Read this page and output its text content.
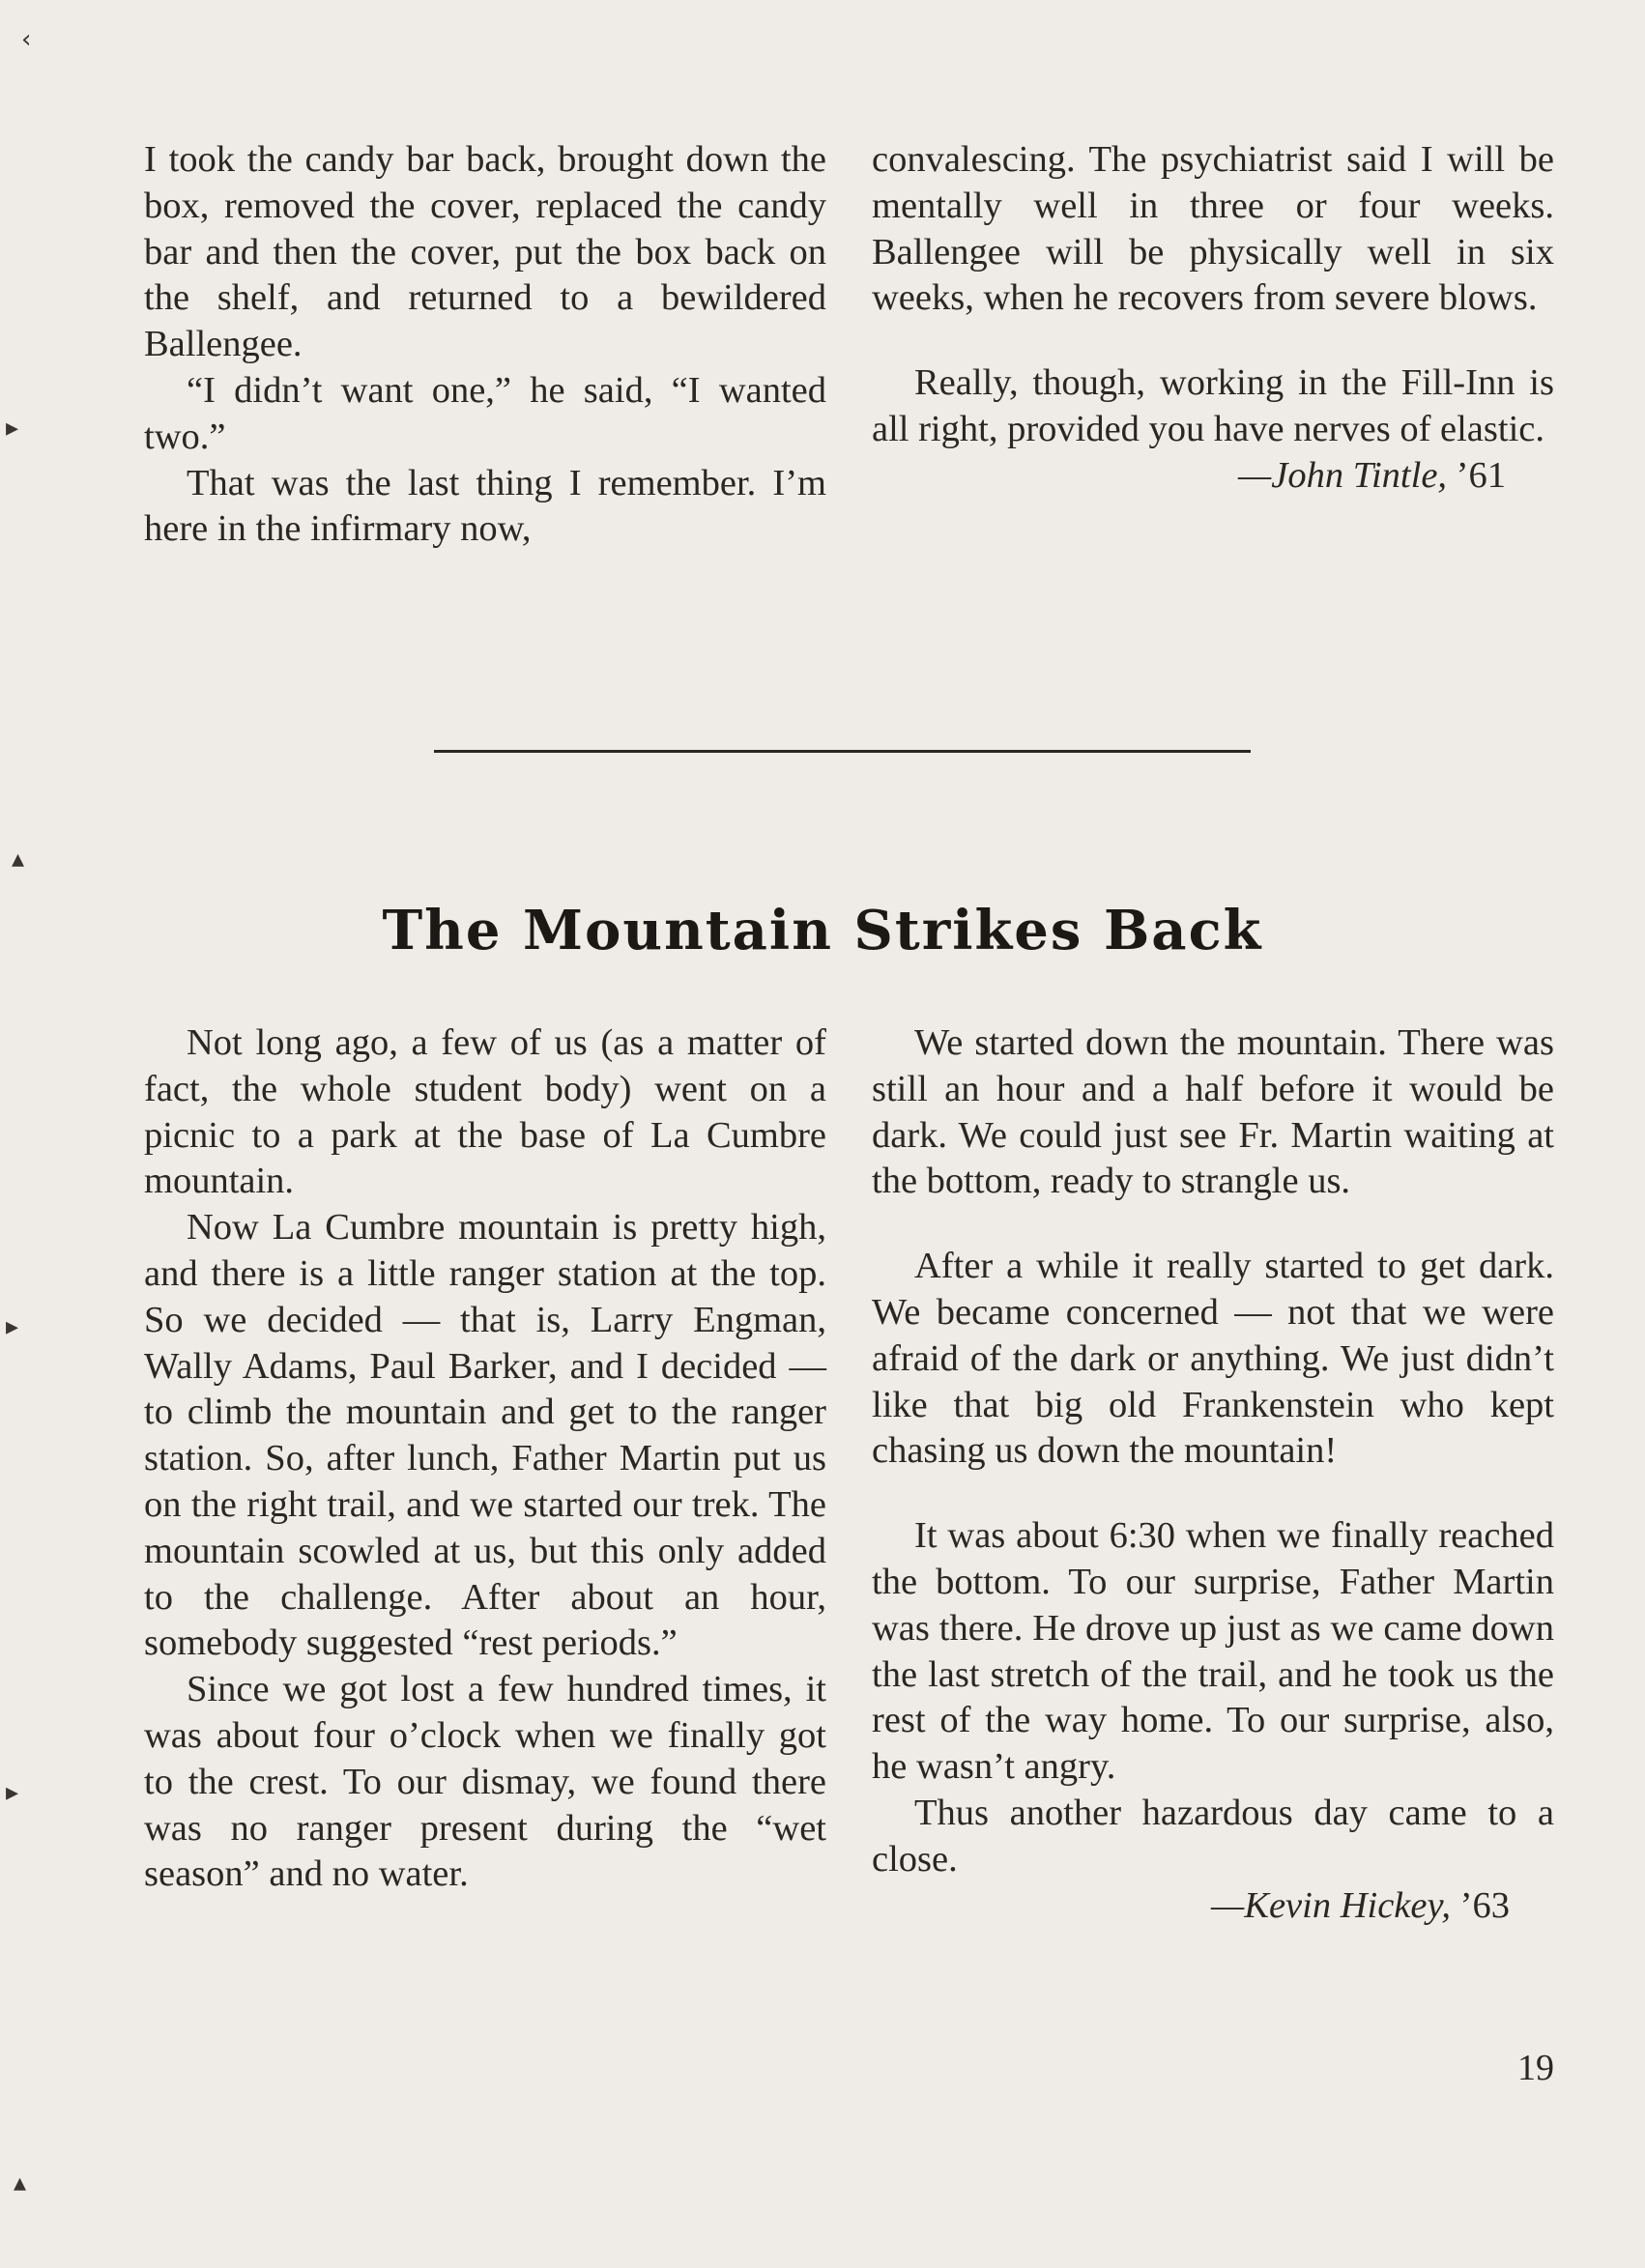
‹
▸
▴
▸
▸
▴

I took the candy bar back, brought down the box, removed the cover, replaced the candy bar and then the cover, put the box back on the shelf, and returned to a bewildered Ballengee.

“I didn’t want one,” he said, “I wanted two.”

That was the last thing I remember. I’m here in the infirmary now,

convalescing. The psychiatrist said I will be mentally well in three or four weeks. Ballengee will be physically well in six weeks, when he recovers from severe blows.

Really, though, working in the Fill-Inn is all right, provided you have nerves of elastic.

—John Tintle, ’61

The Mountain Strikes Back

Not long ago, a few of us (as a matter of fact, the whole student body) went on a picnic to a park at the base of La Cumbre mountain.

Now La Cumbre mountain is pretty high, and there is a little ranger station at the top. So we decided — that is, Larry Engman, Wally Adams, Paul Barker, and I decided — to climb the mountain and get to the ranger station. So, after lunch, Father Martin put us on the right trail, and we started our trek. The mountain scowled at us, but this only added to the challenge. After about an hour, somebody suggested “rest periods.”

Since we got lost a few hundred times, it was about four o’clock when we finally got to the crest. To our dismay, we found there was no ranger present during the “wet season” and no water.

We started down the mountain. There was still an hour and a half before it would be dark. We could just see Fr. Martin waiting at the bottom, ready to strangle us.

After a while it really started to get dark. We became concerned — not that we were afraid of the dark or anything. We just didn’t like that big old Frankenstein who kept chasing us down the mountain!

It was about 6:30 when we finally reached the bottom. To our surprise, Father Martin was there. He drove up just as we came down the last stretch of the trail, and he took us the rest of the way home. To our surprise, also, he wasn’t angry.

Thus another hazardous day came to a close.

—Kevin Hickey, ’63

19
